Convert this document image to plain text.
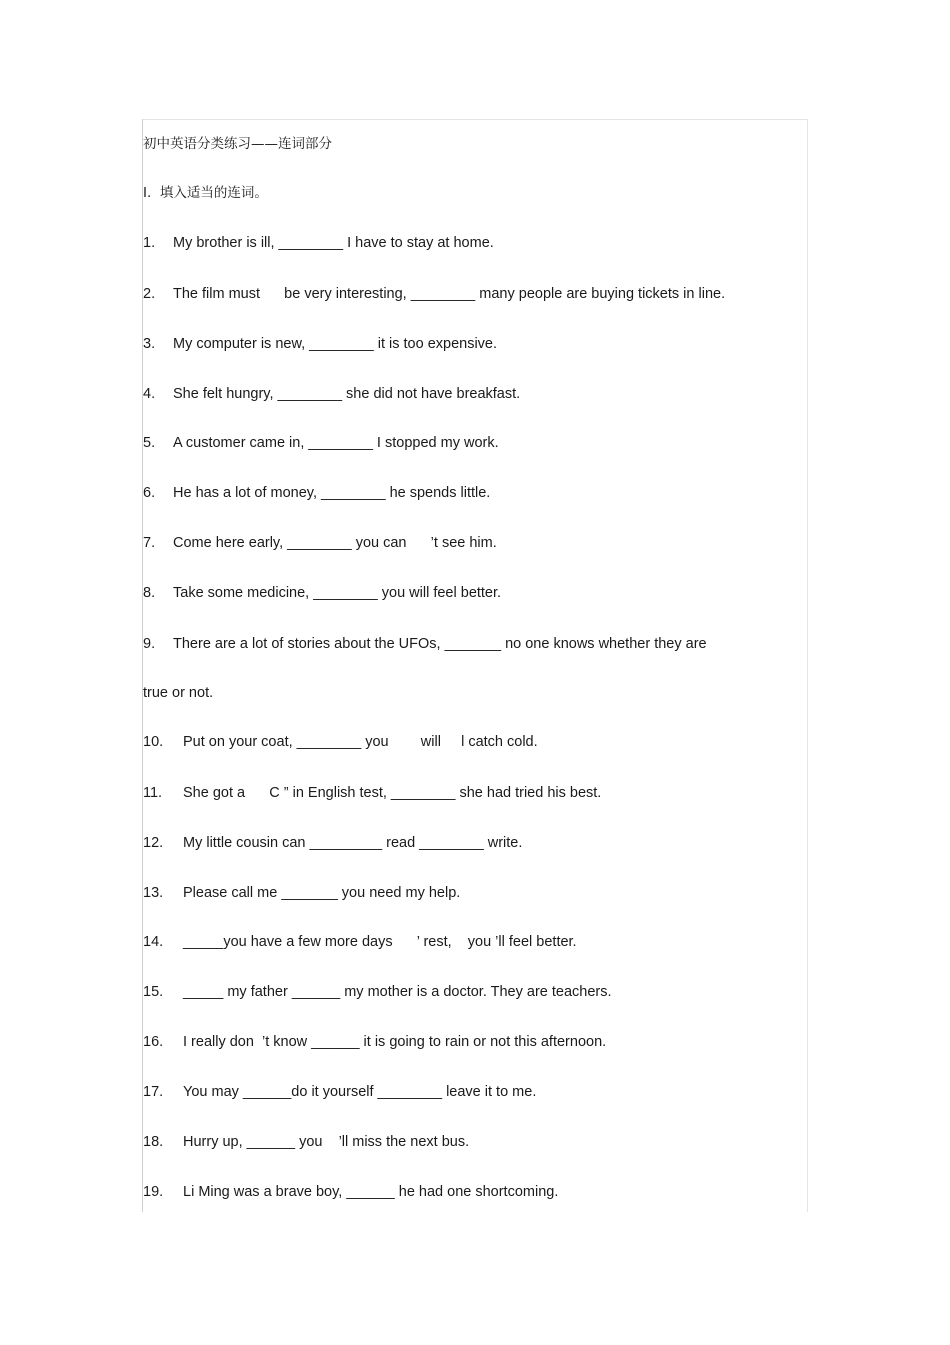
初中英语分类练习——连词部分
I.  填入适当的连词。
1. My brother is ill, ________ I have to stay at home.
2. The film must      be very interesting, ________ many people are buying tickets in line.
3. My computer is new, ________ it is too expensive.
4. She felt hungry, ________ she did not have breakfast.
5. A customer came in, ________ I stopped my work.
6. He has a lot of money, ________ he spends little.
7. Come here early, ________ you can      ’t see him.
8. Take some medicine, ________ you will feel better.
9. There are a lot of stories about the UFOs, _______ no one knows whether they are
true or not.
10. Put on your coat, ________ you        will     l catch cold.
11. She got a      C ” in English test, ________ she had tried his best.
12. My little cousin can _________ read ________ write.
13. Please call me _______ you need my help.
14. _____you have a few more days      ’ rest,    you ’ll feel better.
15. _____ my father ______ my mother is a doctor. They are teachers.
16. I really don  ’t know ______ it is going to rain or not this afternoon.
17. You may ______do it yourself ________ leave it to me.
18. Hurry up, ______ you    ’ll miss the next bus.
19. Li Ming was a brave boy, ______ he had one shortcoming.
